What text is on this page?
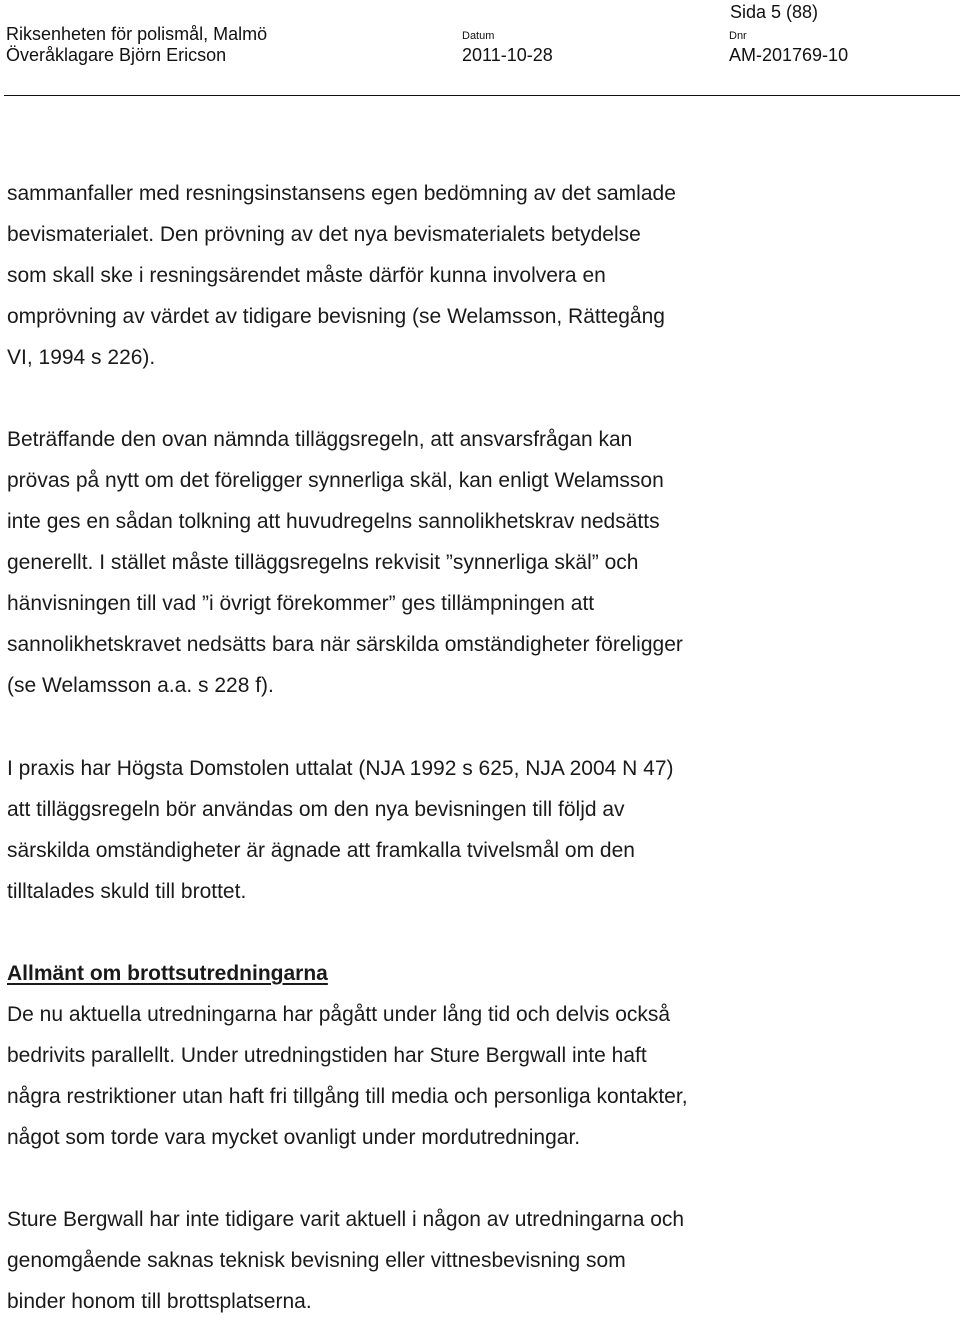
Sida 5 (88)
Riksenheten för polismål, Malmö	Datum	Dnr
Överåklagare Björn Ericson	2011-10-28	AM-201769-10
sammanfaller med resningsinstansens egen bedömning av det samlade
bevismaterialet. Den prövning av det nya bevismaterialets betydelse
som skall ske i resningsärendet måste därför kunna involvera en
omprövning av värdet av tidigare bevisning (se Welamsson, Rättegång
VI, 1994 s 226).
Beträffande den ovan nämnda tilläggsregeln, att ansvarsfrågan kan
prövas på nytt om det föreligger synnerliga skäl, kan enligt Welamsson
inte ges en sådan tolkning att huvudregelns sannolikhetskrav nedsätts
generellt. I stället måste tilläggsregelns rekvisit ”synnerliga skäl” och
hänvisningen till vad ”i övrigt förekommer” ges tillämpningen att
sannolikhetskravet nedsätts bara när särskilda omständigheter föreligger
(se Welamsson a.a. s 228 f).
I praxis har Högsta Domstolen uttalat (NJA 1992 s 625, NJA 2004 N 47)
att tilläggsregeln bör användas om den nya bevisningen till följd av
särskilda omständigheter är ägnade att framkalla tvivelsmål om den
tilltalades skuld till brottet.
Allmänt om brottsutredningarna
De nu aktuella utredningarna har pågått under lång tid och delvis också
bedrivits parallellt. Under utredningstiden har Sture Bergwall inte haft
några restriktioner utan haft fri tillgång till media och personliga kontakter,
något som torde vara mycket ovanligt under mordutredningar.
Sture Bergwall har inte tidigare varit aktuell i någon av utredningarna och
genomgående saknas teknisk bevisning eller vittnesbevisning som
binder honom till brottsplatserna.
